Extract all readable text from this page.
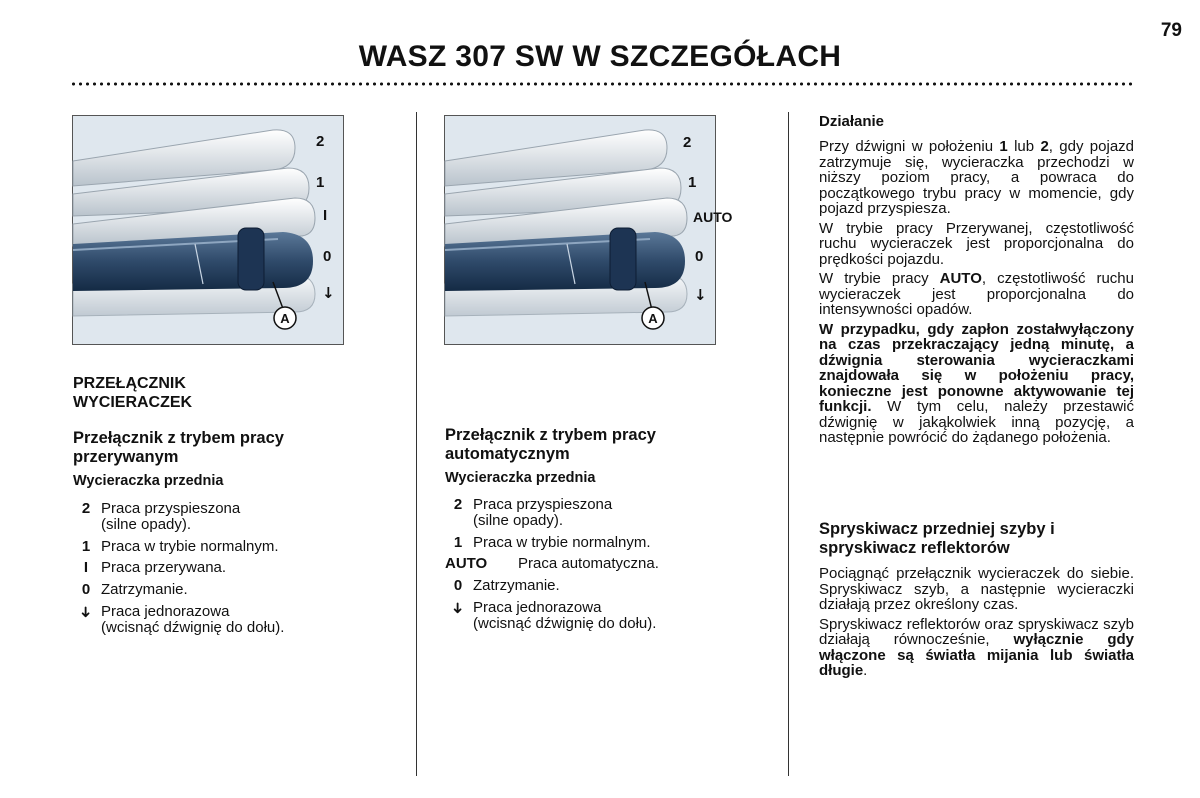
79
WASZ 307 SW W SZCZEGÓŁACH
A
2
1
I
0
↓
A
2
1
AUTO
0
↓
PRZEŁĄCZNIK
WYCIERACZEK
Przełącznik z trybem pracy
przerywanym
Wycieraczka przednia
2 Praca przyspieszona
(silne opady).
1 Praca w trybie normalnym.
I Praca przerywana.
0 Zatrzymanie.
➜ Praca jednorazowa
(wcisnąć dźwignię do dołu).
Przełącznik z trybem pracy
automatycznym
Wycieraczka przednia
2 Praca przyspieszona
(silne opady).
1 Praca w trybie normalnym.
AUTO Praca automatyczna.
0 Zatrzymanie.
➜ Praca jednorazowa
(wcisnąć dźwignię do dołu).
Działanie

Przy dźwigni w położeniu 1 lub 2, gdy pojazd zatrzymuje się, wycieraczka przechodzi w niższy poziom pracy, a powraca do początkowego trybu pracy w momencie, gdy pojazd przyspiesza.

W trybie pracy Przerywanej, częstotliwość ruchu wycieraczek jest proporcjonalna do prędkości pojazdu.

W trybie pracy AUTO, częstotliwość ruchu wycieraczek jest proporcjonalna do intensywności opadów.

W przypadku, gdy zapłon zostałwyłączony na czas przekraczający jedną minutę, a dźwignia sterowania wycieraczkami znajdowała się w położeniu pracy, konieczne jest ponowne aktywowanie tej funkcji. W tym celu, należy przestawić dźwignię w jakąkolwiek inną pozycję, a następnie powrócić do żądanego położenia.

Spryskiwacz przedniej szyby i
spryskiwacz reflektorów

Pociągnąć przełącznik wycieraczek do siebie. Spryskiwacz szyb, a następnie wycieraczki działają przez określony czas.

Spryskiwacz reflektorów oraz spryskiwacz szyb działają równocześnie, wyłącznie gdy włączone są światła mijania lub światła długie.
